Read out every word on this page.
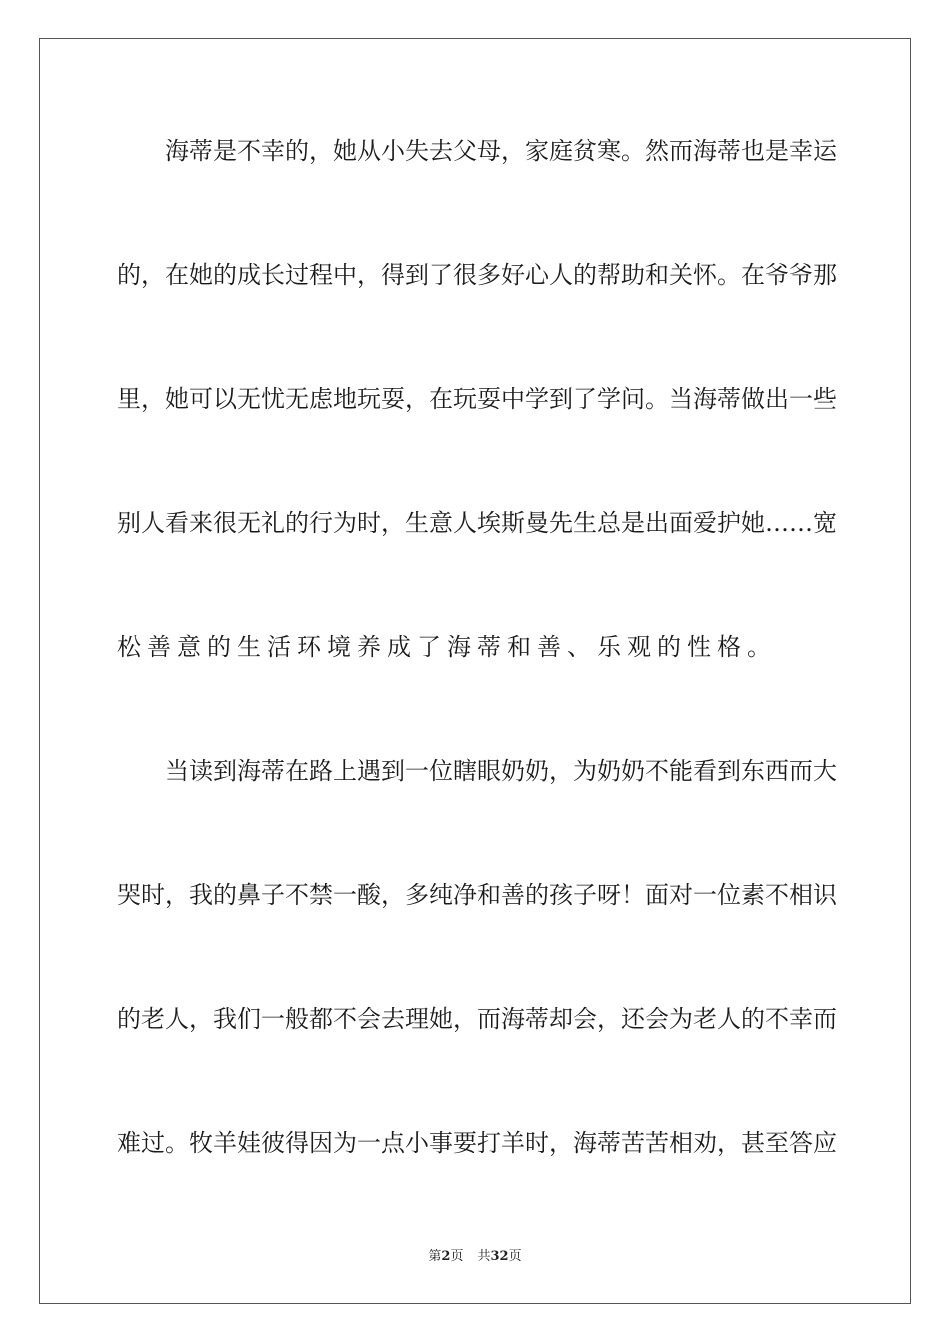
海蒂是不幸的，她从小失去父母，家庭贫寒。然而海蒂也是幸运
的，在她的成长过程中，得到了很多好心人的帮助和关怀。在爷爷那
里，她可以无忧无虑地玩耍，在玩耍中学到了学问。当海蒂做出一些
别人看来很无礼的行为时，生意人埃斯曼先生总是出面爱护她……宽
松善意的生活环境养成了海蒂和善、乐观的性格。
当读到海蒂在路上遇到一位瞎眼奶奶，为奶奶不能看到东西而大
哭时，我的鼻子不禁一酸，多纯净和善的孩子呀！面对一位素不相识
的老人，我们一般都不会去理她，而海蒂却会，还会为老人的不幸而
难过。牧羊娃彼得因为一点小事要打羊时，海蒂苦苦相劝，甚至答应
第2页 共32页
